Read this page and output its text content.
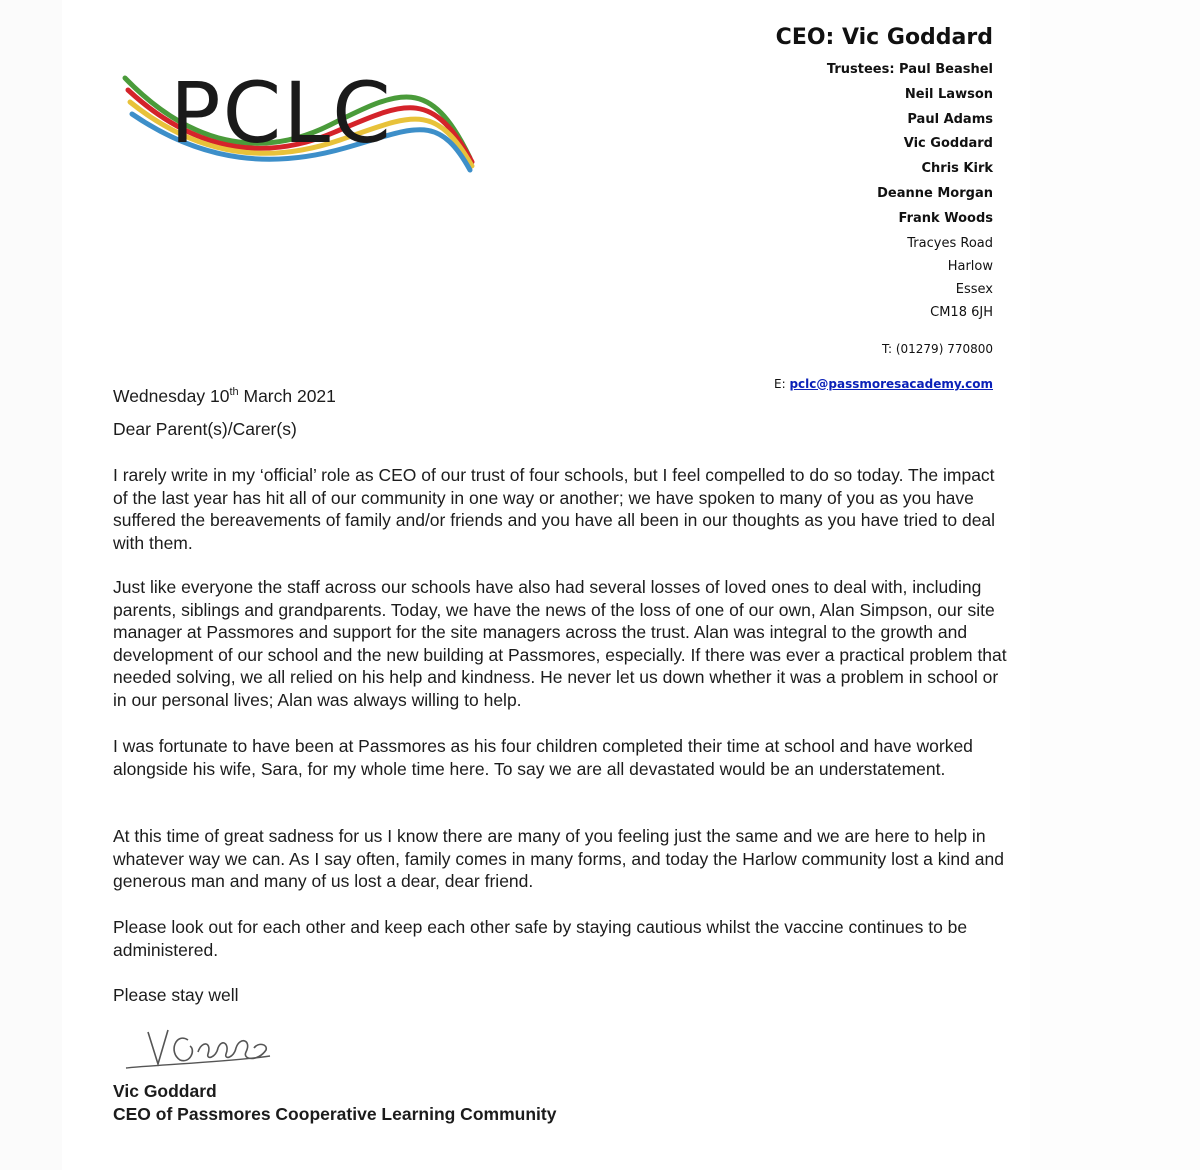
PCLC
CEO: Vic Goddard
Trustees: Paul Beashel
Neil Lawson
Paul Adams
Vic Goddard
Chris Kirk
Deanne Morgan
Frank Woods
Tracyes Road
Harlow
Essex
CM18 6JH
T: (01279) 770800
E: pclc@passmoresacademy.com
Wednesday 10th March 2021
Dear Parent(s)/Carer(s)

I rarely write in my ‘official’ role as CEO of our trust of four schools, but I feel compelled to do so today. The impact of the last year has hit all of our community in one way or another; we have spoken to many of you as you have suffered the bereavements of family and/or friends and you have all been in our thoughts as you have tried to deal with them.

Just like everyone the staff across our schools have also had several losses of loved ones to deal with, including parents, siblings and grandparents. Today, we have the news of the loss of one of our own, Alan Simpson, our site manager at Passmores and support for the site managers across the trust. Alan was integral to the growth and development of our school and the new building at Passmores, especially. If there was ever a practical problem that needed solving, we all relied on his help and kindness. He never let us down whether it was a problem in school or in our personal lives; Alan was always willing to help.

I was fortunate to have been at Passmores as his four children completed their time at school and have worked alongside his wife, Sara, for my whole time here. To say we are all devastated would be an understatement.

At this time of great sadness for us I know there are many of you feeling just the same and we are here to help in whatever way we can. As I say often, family comes in many forms, and today the Harlow community lost a kind and generous man and many of us lost a dear, dear friend.

Please look out for each other and keep each other safe by staying cautious whilst the vaccine continues to be administered.

Please stay well

Vic Goddard
CEO of Passmores Cooperative Learning Community
